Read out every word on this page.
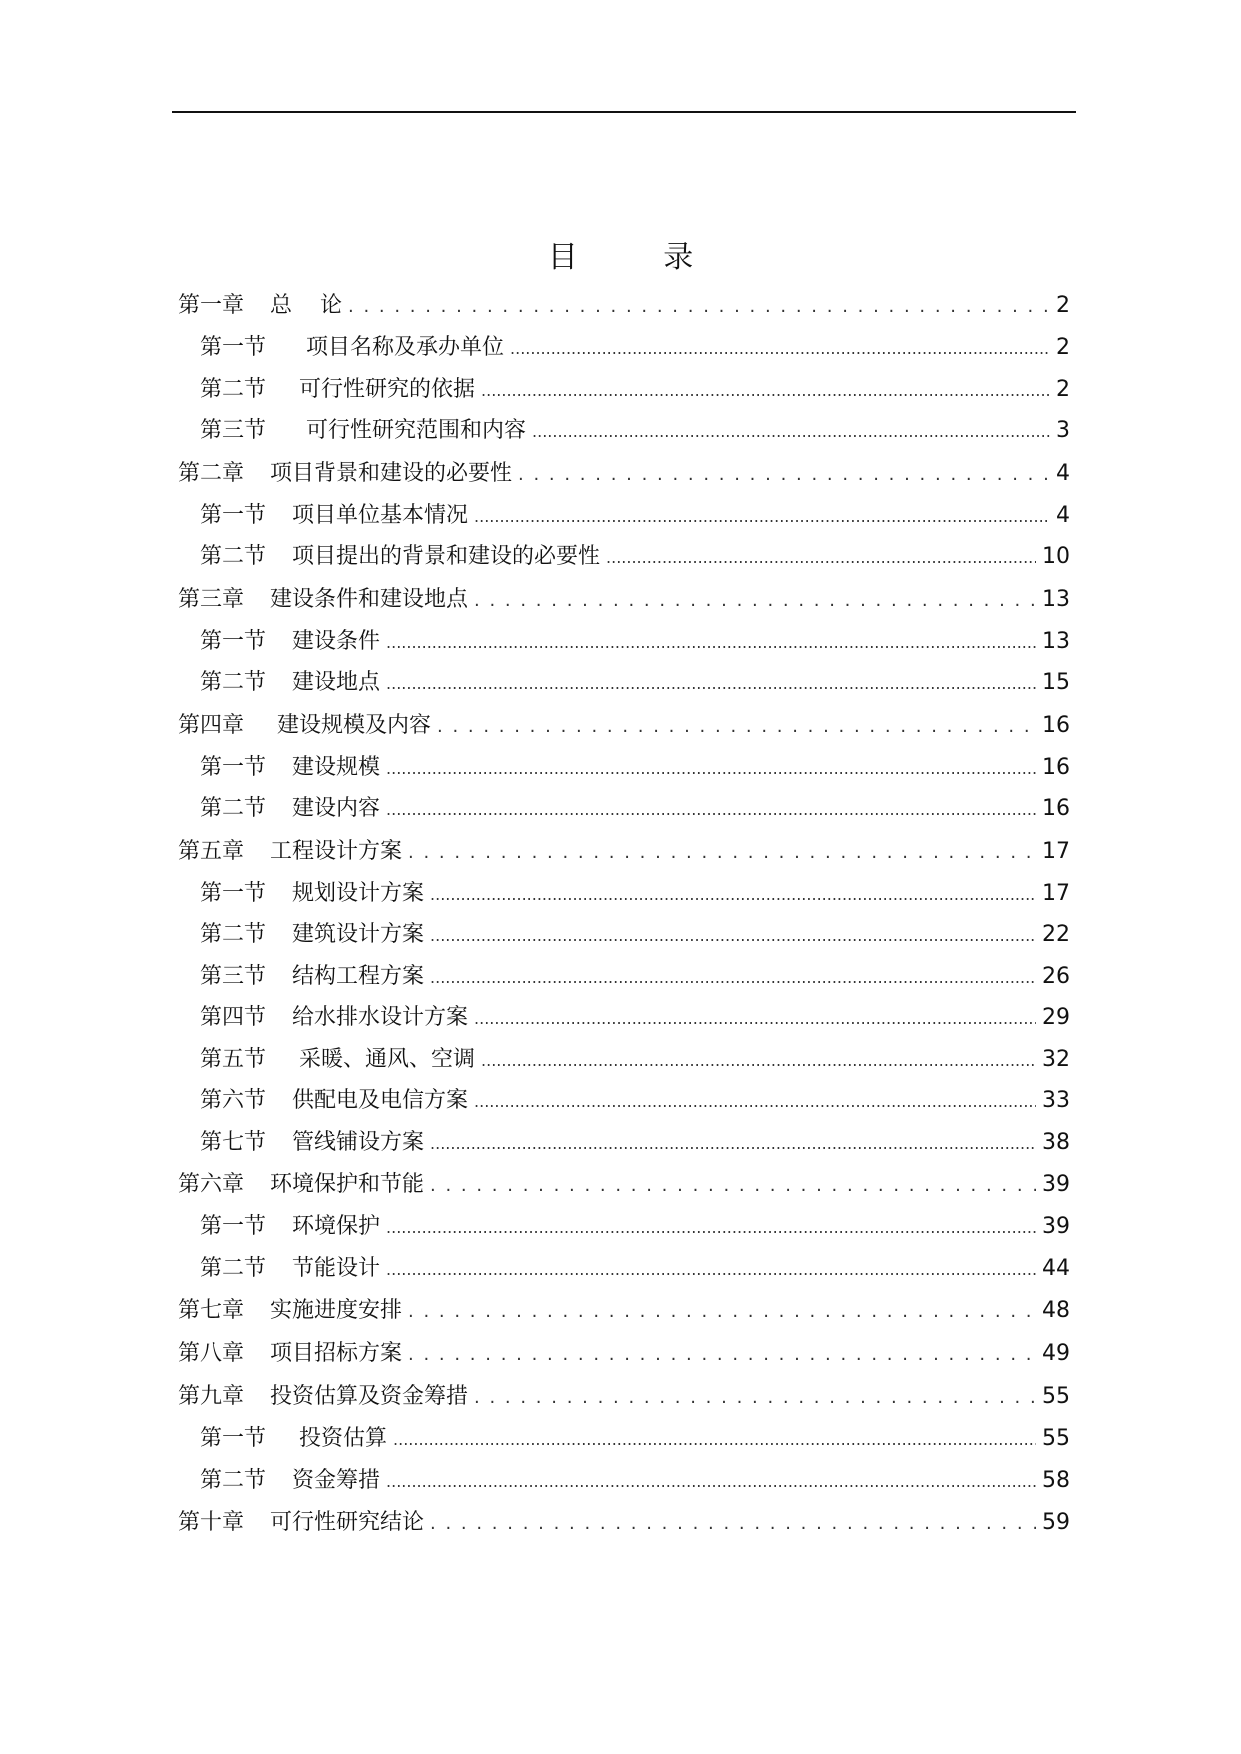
目 录
第一章	总    论 . . .	2
第一节	项目名称及承办单位 .....	2
第二节	可行性研究的依据 .....	2
第三节	可行性研究范围和内容 .....	3
第二章	项目背景和建设的必要性 . . .	4
第一节	项目单位基本情况 .....	4
第二节	项目提出的背景和建设的必要性 .....	10
第三章	建设条件和建设地点 . . .	13
第一节	建设条件 .....	13
第二节	建设地点 .....	15
第四章	建设规模及内容 . . .	16
第一节	建设规模 .....	16
第二节	建设内容 .....	16
第五章	工程设计方案 . . .	17
第一节	规划设计方案 .....	17
第二节	建筑设计方案 .....	22
第三节	结构工程方案 .....	26
第四节	给水排水设计方案 .....	29
第五节	采暖、通风、空调 .....	32
第六节	供配电及电信方案 .....	33
第七节	管线铺设方案 .....	38
第六章	环境保护和节能 . . .	39
第一节	环境保护 .....	39
第二节	节能设计 .....	44
第七章	实施进度安排 . . .	48
第八章	项目招标方案 . . .	49
第九章	投资估算及资金筹措 . . .	55
第一节	投资估算 .....	55
第二节	资金筹措 .....	58
第十章	可行性研究结论 . . .	59
